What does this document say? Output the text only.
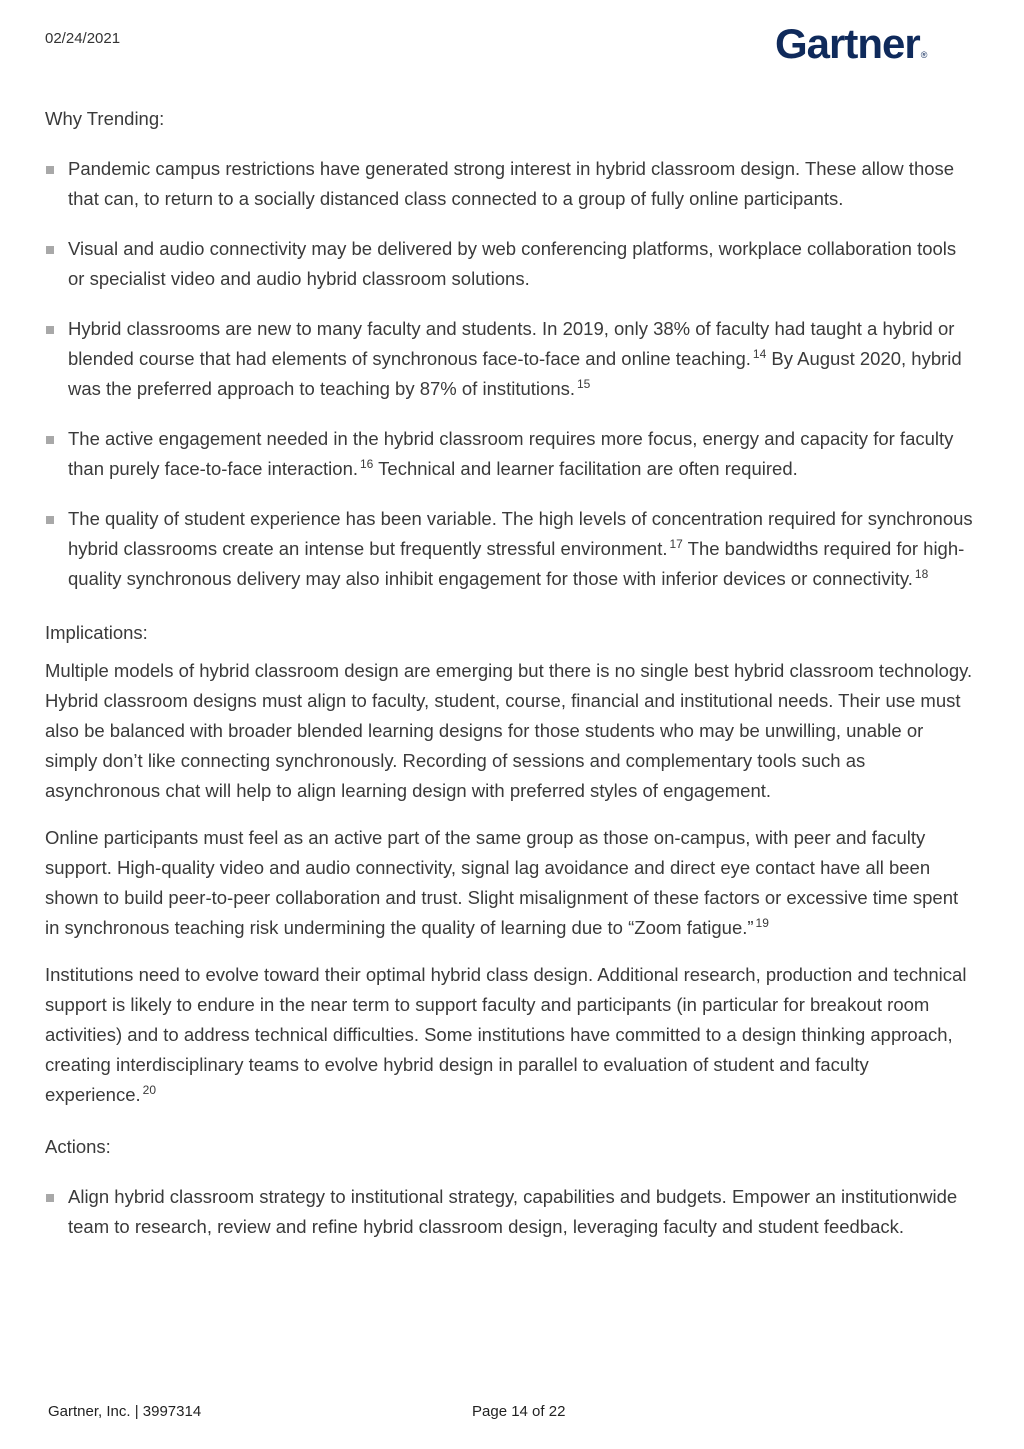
02/24/2021	Gartner®
Why Trending:
Pandemic campus restrictions have generated strong interest in hybrid classroom design. These allow those that can, to return to a socially distanced class connected to a group of fully online participants.
Visual and audio connectivity may be delivered by web conferencing platforms, workplace collaboration tools or specialist video and audio hybrid classroom solutions.
Hybrid classrooms are new to many faculty and students. In 2019, only 38% of faculty had taught a hybrid or blended course that had elements of synchronous face-to-face and online teaching. $^{14}$ By August 2020, hybrid was the preferred approach to teaching by 87% of institutions. $^{15}$
The active engagement needed in the hybrid classroom requires more focus, energy and capacity for faculty than purely face-to-face interaction. $^{16}$ Technical and learner facilitation are often required.
The quality of student experience has been variable. The high levels of concentration required for synchronous hybrid classrooms create an intense but frequently stressful environment. $^{17}$ The bandwidths required for high-quality synchronous delivery may also inhibit engagement for those with inferior devices or connectivity. $^{18}$
Implications:

Multiple models of hybrid classroom design are emerging but there is no single best hybrid classroom technology. Hybrid classroom designs must align to faculty, student, course, financial and institutional needs. Their use must also be balanced with broader blended learning designs for those students who may be unwilling, unable or simply don’t like connecting synchronously. Recording of sessions and complementary tools such as asynchronous chat will help to align learning design with preferred styles of engagement.

Online participants must feel as an active part of the same group as those on-campus, with peer and faculty support. High-quality video and audio connectivity, signal lag avoidance and direct eye contact have all been shown to build peer-to-peer collaboration and trust. Slight misalignment of these factors or excessive time spent in synchronous teaching risk undermining the quality of learning due to “Zoom fatigue.” $^{19}$

Institutions need to evolve toward their optimal hybrid class design. Additional research, production and technical support is likely to endure in the near term to support faculty and participants (in particular for breakout room activities) and to address technical difficulties. Some institutions have committed to a design thinking approach, creating interdisciplinary teams to evolve hybrid design in parallel to evaluation of student and faculty experience. $^{20}$

Actions:
Align hybrid classroom strategy to institutional strategy, capabilities and budgets. Empower an institutionwide team to research, review and refine hybrid classroom design, leveraging faculty and student feedback.
Gartner, Inc. | 3997314	Page 14 of 22
